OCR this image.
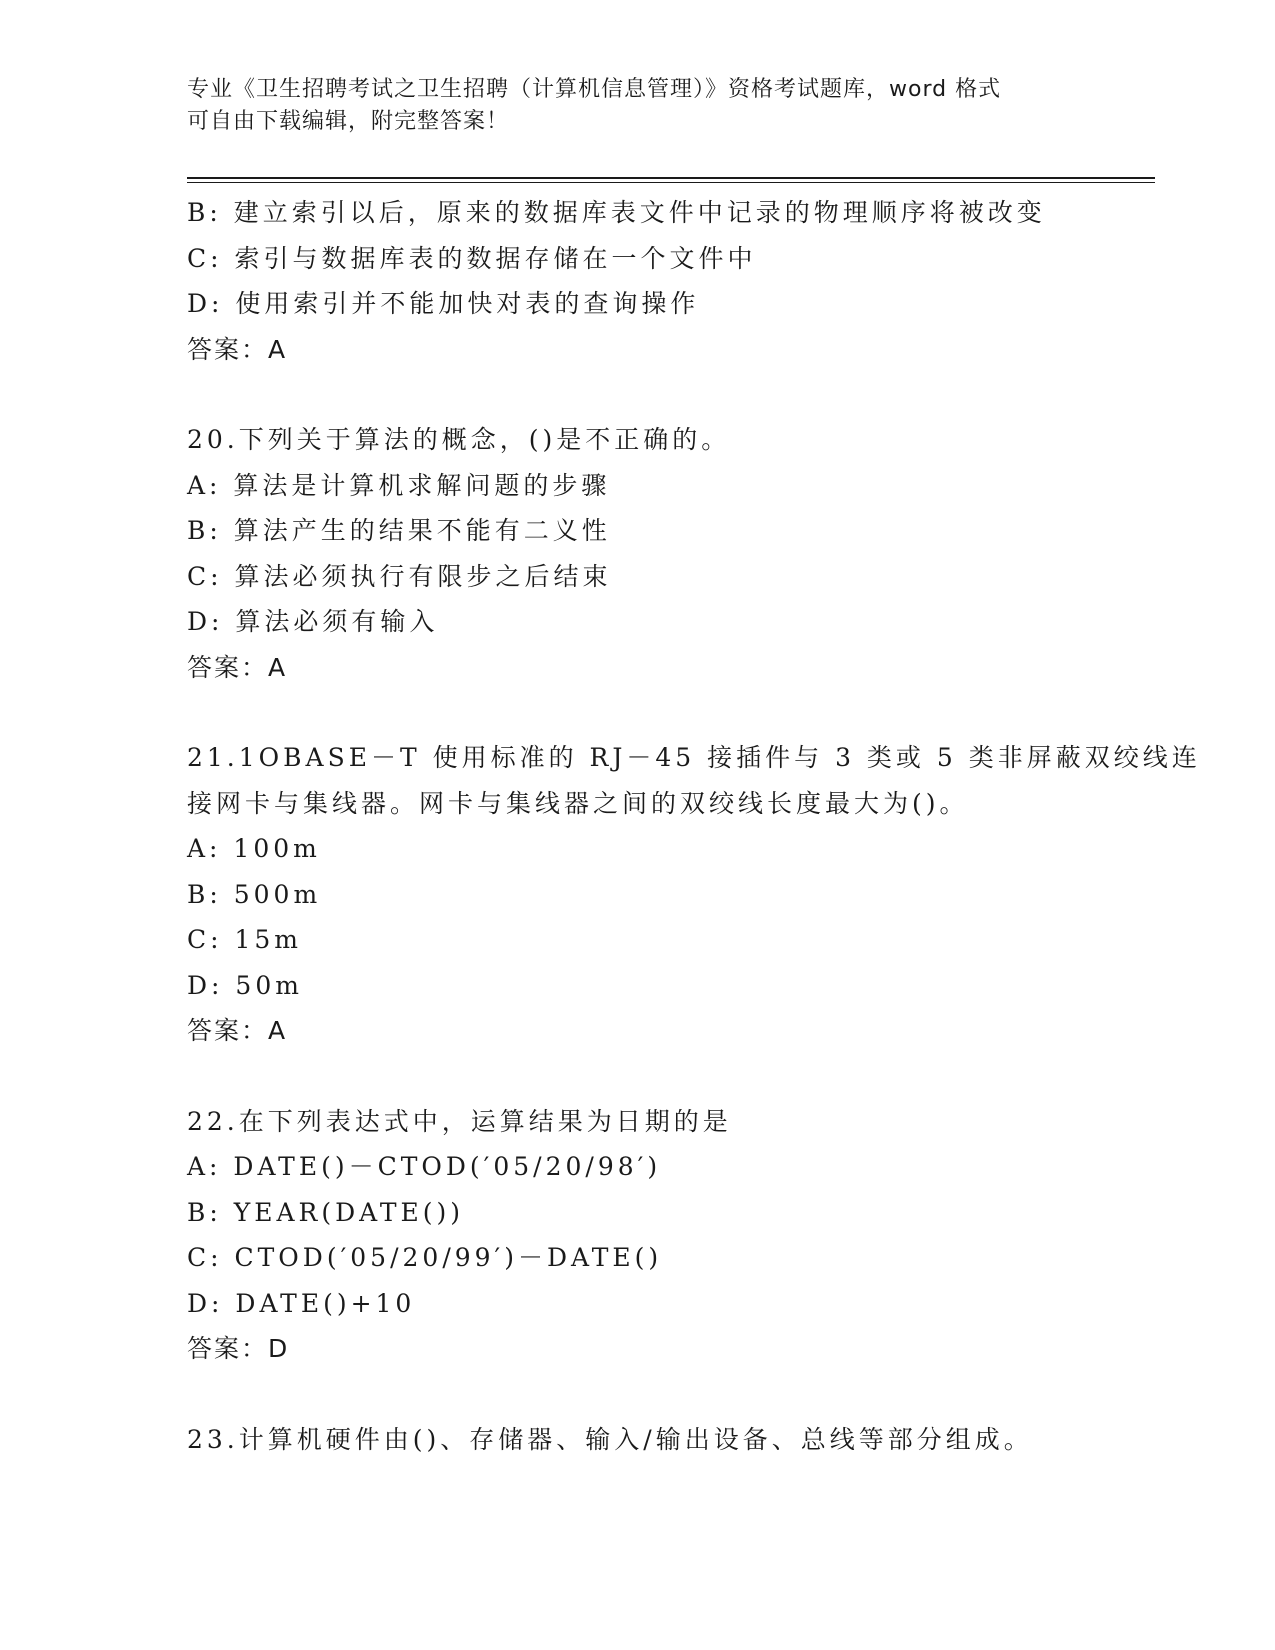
专业《卫生招聘考试之卫生招聘（计算机信息管理）》资格考试题库，word 格式
可自由下载编辑，附完整答案！
B: 建立索引以后，原来的数据库表文件中记录的物理顺序将被改变
C: 索引与数据库表的数据存储在一个文件中
D: 使用索引并不能加快对表的查询操作
答案：A
20.下列关于算法的概念，()是不正确的。
A: 算法是计算机求解问题的步骤
B: 算法产生的结果不能有二义性
C: 算法必须执行有限步之后结束
D: 算法必须有输入
答案：A
21.1OBASE－T 使用标准的 RJ－45 接插件与 3 类或 5 类非屏蔽双绞线连
接网卡与集线器。网卡与集线器之间的双绞线长度最大为()。
A: 100m
B: 500m
C: 15m
D: 50m
答案：A
22.在下列表达式中，运算结果为日期的是
A: DATE()－CTOD(′05/20/98′)
B: YEAR(DATE())
C: CTOD(′05/20/99′)－DATE()
D: DATE()+10
答案：D
23.计算机硬件由()、存储器、输入/输出设备、总线等部分组成。
